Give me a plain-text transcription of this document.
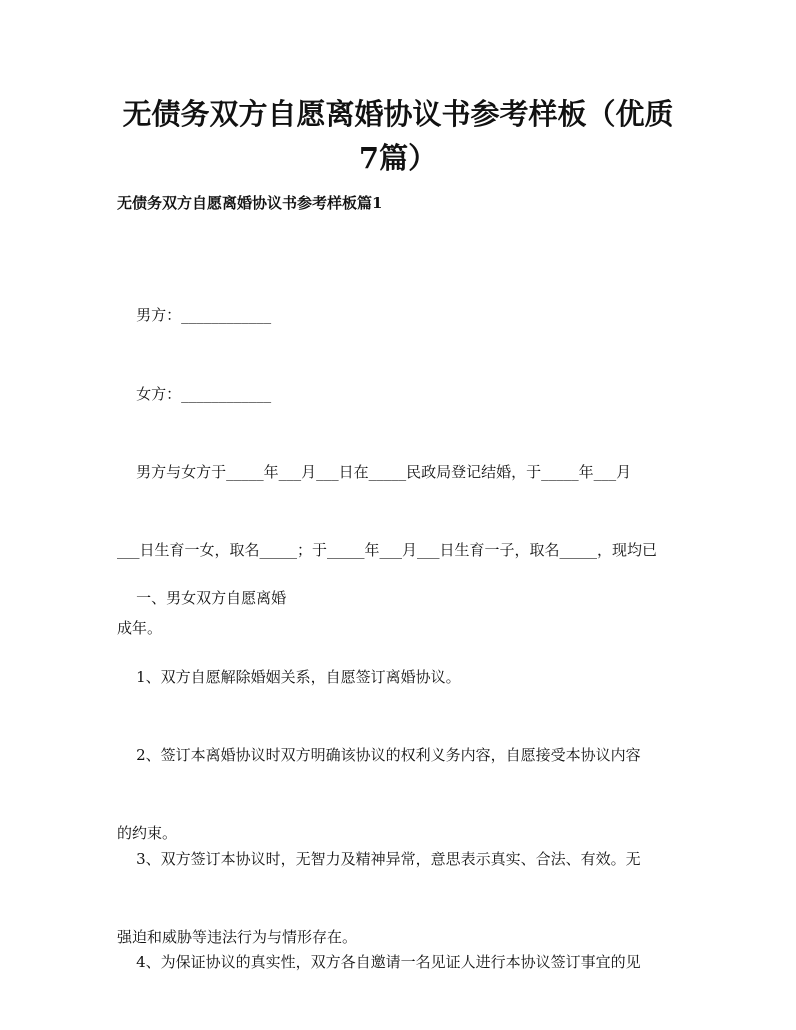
无债务双方自愿离婚协议书参考样板（优质
7篇）
无债务双方自愿离婚协议书参考样板篇1

男方：____________

女方：____________

男方与女方于_____年___月___日在_____民政局登记结婚，于_____年___月

___日生育一女，取名_____；于_____年___月___日生育一子，取名_____，现均已

成年。

一、男女双方自愿离婚

1、双方自愿解除婚姻关系，自愿签订离婚协议。

2、签订本离婚协议时双方明确该协议的权利义务内容，自愿接受本协议内容

的约束。

3、双方签订本协议时，无智力及精神异常，意思表示真实、合法、有效。无

强迫和威胁等违法行为与情形存在。

4、为保证协议的真实性，双方各自邀请一名见证人进行本协议签订事宜的见
